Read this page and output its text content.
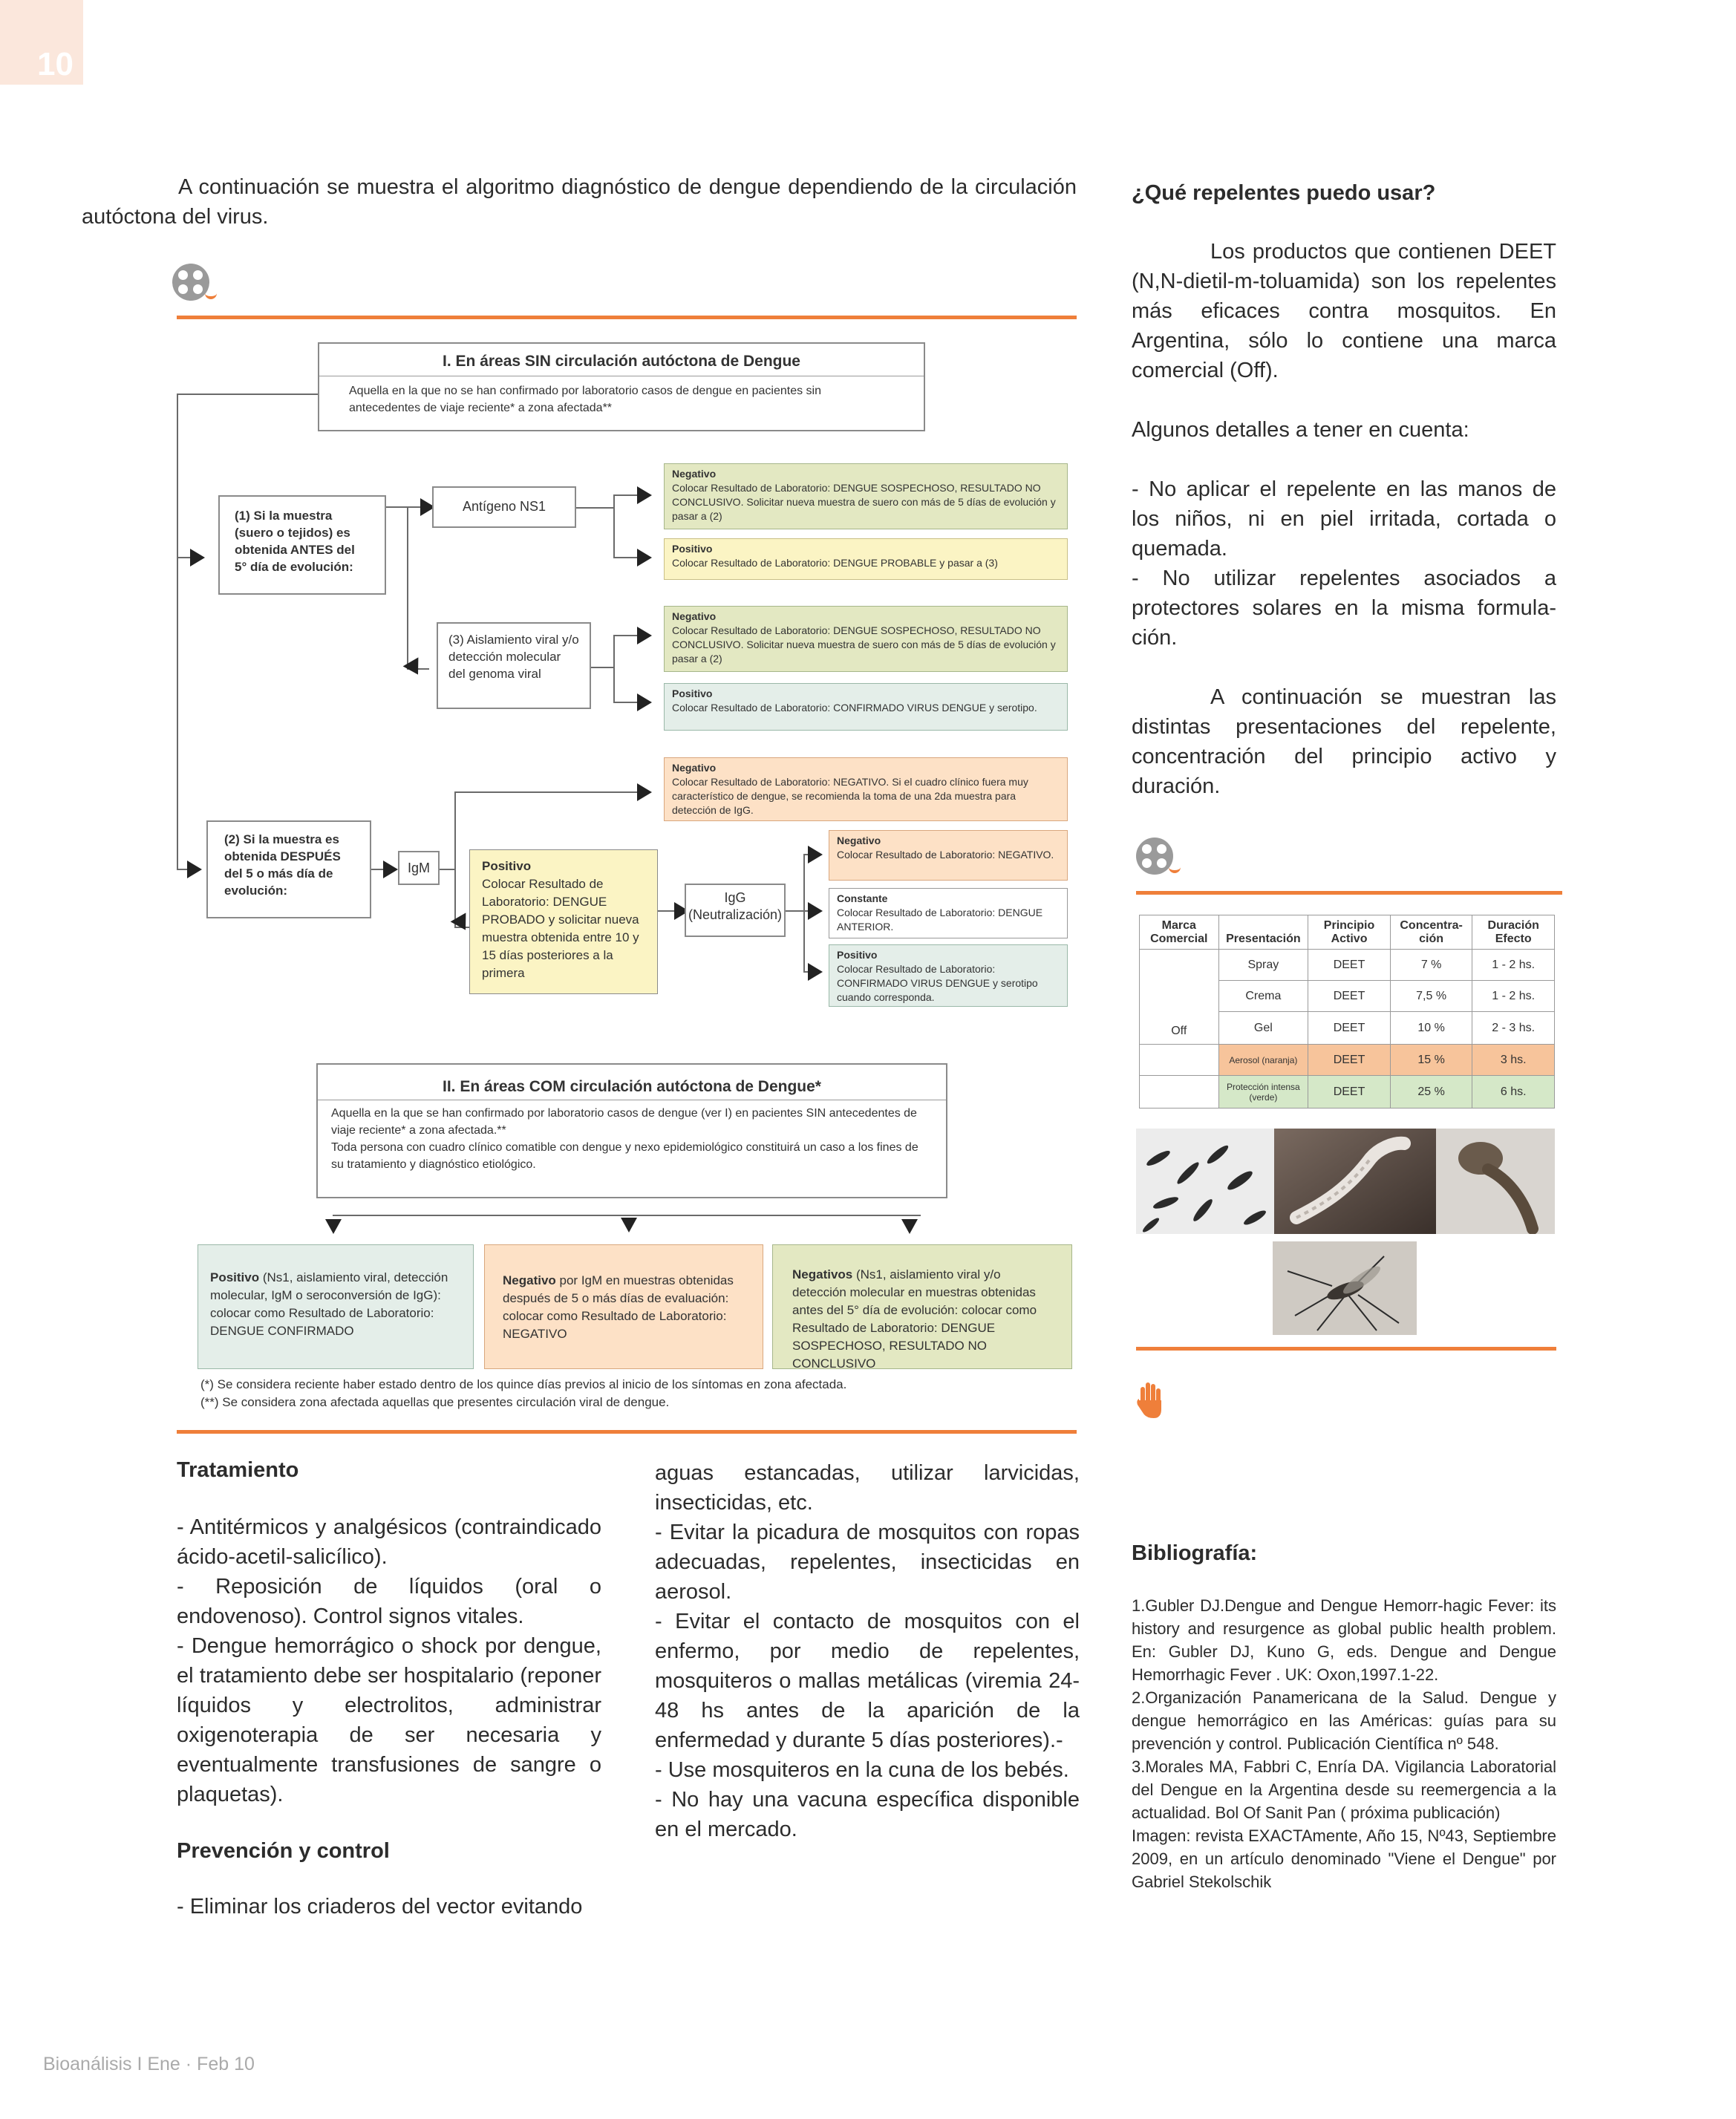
10
A continuación se muestra el algoritmo diagnóstico de dengue dependiendo de la circulación autóctona del virus.
I. En áreas SIN circulación autóctona de Dengue
Aquella en la que no se han confirmado por laboratorio casos de dengue en pacientes sin antecedentes de viaje reciente* a zona afectada**
(1) Si la muestra (suero o tejidos) es obtenida ANTES del 5° día de evolución:
Antígeno NS1
Negativo
Colocar Resultado de Laboratorio: DENGUE SOSPECHOSO, RESULTADO NO CONCLUSIVO. Solicitar nueva muestra de suero con más de 5 días de evolución y pasar a (2)
Positivo
Colocar Resultado de Laboratorio: DENGUE PROBABLE y pasar a (3)
(3) Aislamiento viral y/o detección molecular del genoma viral
Negativo
Colocar Resultado de Laboratorio: DENGUE SOSPECHOSO, RESULTADO NO CONCLUSIVO. Solicitar nueva muestra de suero con más de 5 días de evolución y pasar a (2)
Positivo
Colocar Resultado de Laboratorio: CONFIRMADO VIRUS DENGUE y serotipo.
(2) Si la muestra es obtenida DESPUÉS del 5 o más día de evolución:
IgM
Negativo
Colocar Resultado de Laboratorio: NEGATIVO. Si el cuadro clínico fuera muy característico de dengue, se recomienda la toma de una 2da muestra para detección de IgG.
Positivo
Colocar Resultado de Laboratorio: DENGUE PROBADO y solicitar nueva muestra obtenida entre 10 y 15 días posteriores a la primera
IgG (Neutralización)
Negativo
Colocar Resultado de Laboratorio: NEGATIVO.
Constante
Colocar Resultado de Laboratorio: DENGUE ANTERIOR.
Positivo
Colocar Resultado de Laboratorio: CONFIRMADO VIRUS DENGUE y serotipo cuando corresponda.
II. En áreas COM circulación autóctona de Dengue*
Aquella en la que se han confirmado por laboratorio casos de dengue (ver I) en pacientes SIN antecedentes de viaje reciente* a zona afectada.**
Toda persona con cuadro clínico comatible con dengue y nexo epidemiológico constituirá un caso a los fines de su tratamiento y diagnóstico etiológico.
Positivo (Ns1, aislamiento viral, detección molecular, IgM o seroconversión de IgG): colocar como Resultado de Laboratorio: DENGUE CONFIRMADO
Negativo por IgM en muestras obtenidas después de 5 o más días de evaluación: colocar como Resultado de Laboratorio: NEGATIVO
Negativos (Ns1, aislamiento viral y/o detección molecular en muestras obtenidas antes del 5° día de evolución: colocar como Resultado de Laboratorio: DENGUE SOSPECHOSO, RESULTADO NO CONCLUSIVO
(*) Se considera reciente haber estado dentro de los quince días previos al inicio de los síntomas en zona afectada.
(**) Se considera zona afectada aquellas que presentes circulación viral de dengue.
Tratamiento
- Antitérmicos y analgésicos (contraindicado ácido-acetil-salicílico).
- Reposición de líquidos (oral o endovenoso). Control signos vitales.
- Dengue hemorrágico o shock por dengue, el tratamiento debe ser hospitalario (reponer líquidos y electrolitos, administrar oxigenoterapia de ser necesaria y eventualmente transfusiones de sangre o plaquetas).
Prevención y control
- Eliminar los criaderos del vector evitando
aguas estancadas, utilizar larvicidas, insecticidas, etc.
- Evitar la picadura de mosquitos con ropas adecuadas, repelentes, insecticidas en aerosol.
- Evitar el contacto de mosquitos con el enfermo, por medio de repelentes, mosquiteros o mallas metálicas (viremia 24-48 hs antes de la aparición de la enfermedad y durante 5 días posteriores).-
- Use mosquiteros en la cuna de los bebés.
- No hay una vacuna específica disponible en el mercado.
¿Qué repelentes puedo usar?
Los productos que contienen DEET (N,N-dietil-m-toluamida) son los repelentes más eficaces contra mosquitos. En Argentina, sólo lo contiene una marca comercial (Off).
Algunos detalles a tener en cuenta:
- No aplicar el repelente en las manos de los niños, ni en piel irritada, cortada o quemada.
- No utilizar repelentes asociados a protectores solares en la misma formula-ción.
A continuación se muestran las distintas presentaciones del repelente, concentración del principio activo y duración.
Marca Comercial	Presentación	Principio Activo	Concentra-ción	Duración Efecto
Off	Spray	DEET	7 %	1 - 2 hs.
	Crema	DEET	7,5 %	1 - 2 hs.
	Gel	DEET	10 %	2 - 3 hs.
	Aerosol (naranja)	DEET	15 %	3 hs.
	Protección intensa (verde)	DEET	25 %	6 hs.
Bibliografía:
1.Gubler DJ.Dengue and Dengue Hemorr-hagic Fever: its history and resurgence as global public health problem. En: Gubler DJ, Kuno G, eds. Dengue and Dengue Hemorrhagic Fever . UK: Oxon,1997.1-22.
2.Organización Panamericana de la Salud. Dengue y dengue hemorrágico en las Américas: guías para su prevención y control. Publicación Científica nº 548.
3.Morales MA, Fabbri C, Enría DA. Vigilancia Laboratorial del Dengue en la Argentina desde su reemergencia a la actualidad. Bol Of Sanit Pan ( próxima publicación)
Imagen: revista EXACTAmente, Año 15, Nº43, Septiembre 2009, en un artículo denominado "Viene el Dengue" por Gabriel Stekolschik
Bioanálisis I Ene · Feb 10
